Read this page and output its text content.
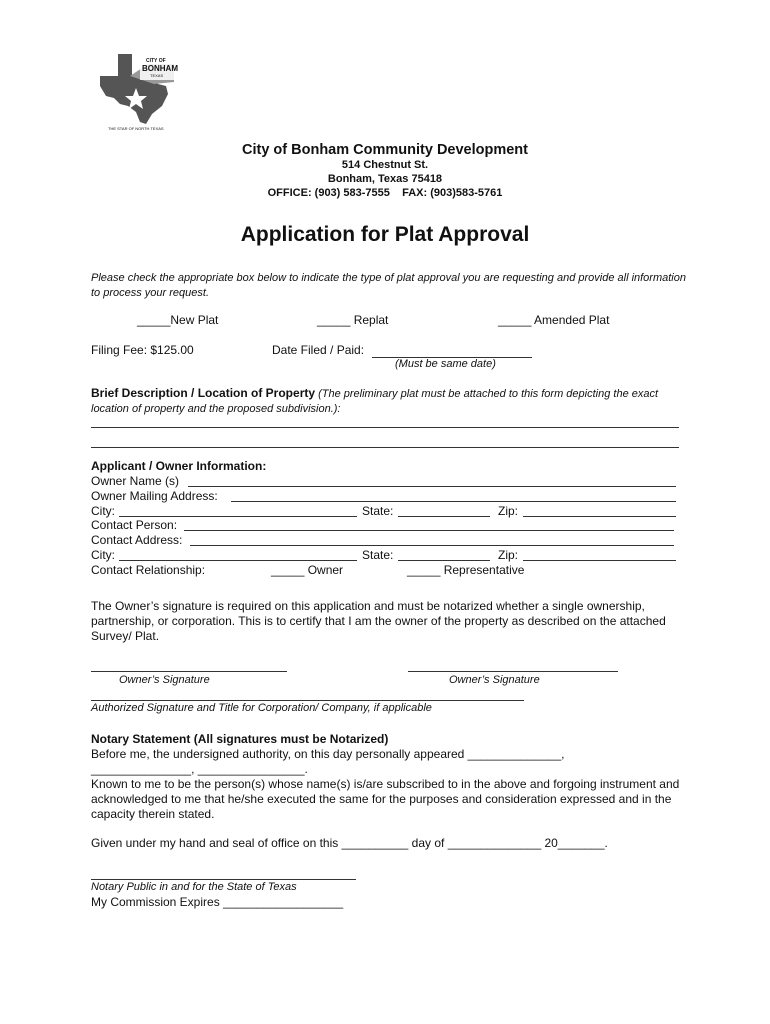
CITY OF
BONHAM
TEXAS
THE STAR OF NORTH TEXAS
City of Bonham Community Development
514 Chestnut St.
Bonham, Texas 75418
OFFICE: (903) 583-7555    FAX: (903)583-5761
Application for Plat Approval
Please check the appropriate box below to indicate the type of plat approval you are requesting and provide all information to process your request.
_____New Plat	_____ Replat	_____ Amended Plat
Filing Fee: $125.00	Date Filed / Paid:
(Must be same date)
Brief Description / Location of Property (The preliminary plat must be attached to this form depicting the exact location of property and the proposed subdivision.):
Applicant / Owner Information:
Owner Name (s)
Owner Mailing Address:
City:	State:	Zip:
Contact Person:
Contact Address:
City:	State:	Zip:
Contact Relationship:	_____ Owner	_____ Representative
The Owner’s signature is required on this application and must be notarized whether a single ownership, partnership, or corporation. This is to certify that I am the owner of the property as described on the attached Survey/ Plat.
Owner’s Signature	Owner’s Signature
Authorized Signature and Title for Corporation/ Company, if applicable
Notary Statement (All signatures must be Notarized)
Before me, the undersigned authority, on this day personally appeared ______________,
_______________, ________________.
Known to me to be the person(s) whose name(s) is/are subscribed to in the above and forgoing instrument and acknowledged to me that he/she executed the same for the purposes and consideration expressed and in the capacity therein stated.
Given under my hand and seal of office on this __________ day of ______________ 20_______.
Notary Public in and for the State of Texas
My Commission Expires __________________
